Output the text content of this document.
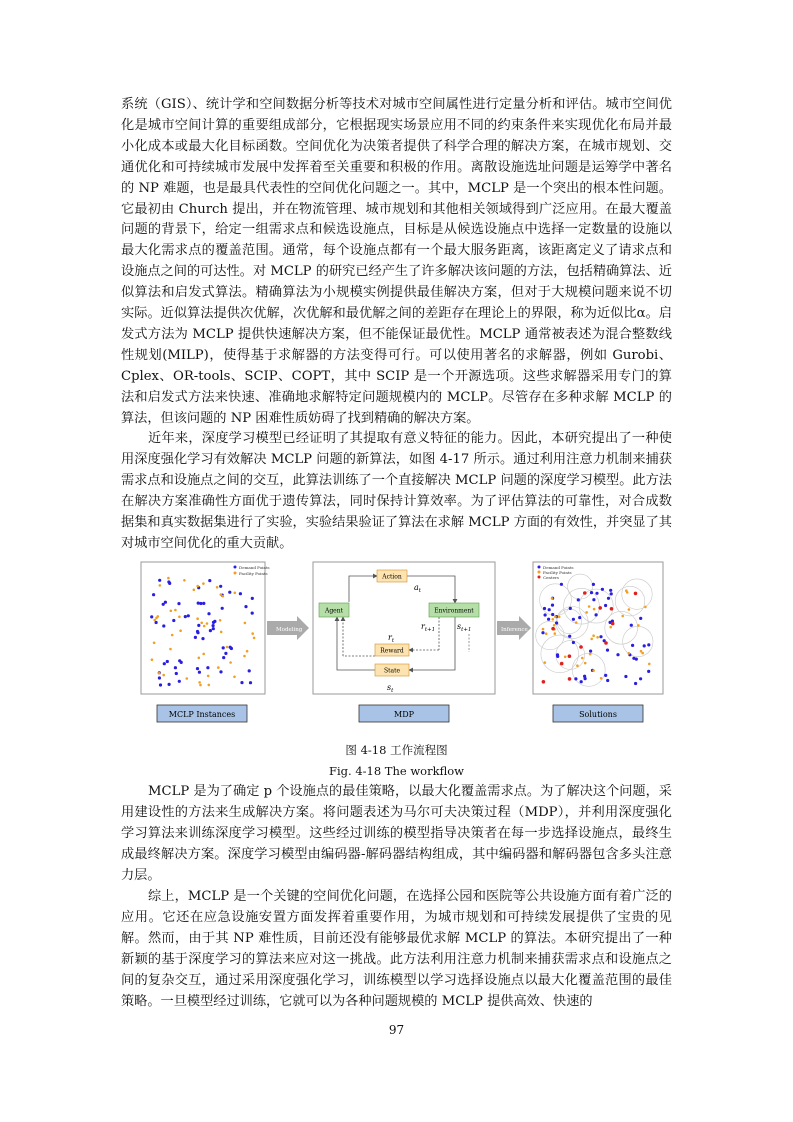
系统（GIS）、统计学和空间数据分析等技术对城市空间属性进行定量分析和评估。城市空间优化是城市空间计算的重要组成部分，它根据现实场景应用不同的约束条件来实现优化布局并最小化成本或最大化目标函数。空间优化为决策者提供了科学合理的解决方案，在城市规划、交通优化和可持续城市发展中发挥着至关重要和积极的作用。离散设施选址问题是运筹学中著名的 NP 难题，也是最具代表性的空间优化问题之一。其中，MCLP 是一个突出的根本性问题。它最初由 Church 提出，并在物流管理、城市规划和其他相关领域得到广泛应用。在最大覆盖问题的背景下，给定一组需求点和候选设施点，目标是从候选设施点中选择一定数量的设施以最大化需求点的覆盖范围。通常，每个设施点都有一个最大服务距离，该距离定义了请求点和设施点之间的可达性。对 MCLP 的研究已经产生了许多解决该问题的方法，包括精确算法、近似算法和启发式算法。精确算法为小规模实例提供最佳解决方案，但对于大规模问题来说不切实际。近似算法提供次优解，次优解和最优解之间的差距存在理论上的界限，称为近似比α。启发式方法为 MCLP 提供快速解决方案，但不能保证最优性。MCLP 通常被表述为混合整数线性规划(MILP)，使得基于求解器的方法变得可行。可以使用著名的求解器，例如 Gurobi、Cplex、OR-tools、SCIP、COPT，其中 SCIP 是一个开源选项。这些求解器采用专门的算法和启发式方法来快速、准确地求解特定问题规模内的 MCLP。尽管存在多种求解 MCLP 的算法，但该问题的 NP 困难性质妨碍了找到精确的解决方案。

近年来，深度学习模型已经证明了其提取有意义特征的能力。因此，本研究提出了一种使用深度强化学习有效解决 MCLP 问题的新算法，如图 4-17 所示。通过利用注意力机制来捕获需求点和设施点之间的交互，此算法训练了一个直接解决 MCLP 问题的深度学习模型。此方法在解决方案准确性方面优于遗传算法，同时保持计算效率。为了评估算法的可靠性，对合成数据集和真实数据集进行了实验，实验结果验证了算法在求解 MCLP 方面的有效性，并突显了其对城市空间优化的重大贡献。

Demand Points
Facility Points
Modeling
Action
Agent	Environment
Reward
State
$a_t$
$r_{t+1}$	$s_{t+1}$
$r_t$
$s_t$
Inference
Demand Points
Facility Points
Centers
MCLP Instances	MDP	Solutions
图 4-18 工作流程图
Fig. 4-18 The workflow

MCLP 是为了确定 p 个设施点的最佳策略，以最大化覆盖需求点。为了解决这个问题，采用建设性的方法来生成解决方案。将问题表述为马尔可夫决策过程（MDP），并利用深度强化学习算法来训练深度学习模型。这些经过训练的模型指导决策者在每一步选择设施点，最终生成最终解决方案。深度学习模型由编码器-解码器结构组成，其中编码器和解码器包含多头注意力层。

综上，MCLP 是一个关键的空间优化问题，在选择公园和医院等公共设施方面有着广泛的应用。它还在应急设施安置方面发挥着重要作用，为城市规划和可持续发展提供了宝贵的见解。然而，由于其 NP 难性质，目前还没有能够最优求解 MCLP 的算法。本研究提出了一种新颖的基于深度学习的算法来应对这一挑战。此方法利用注意力机制来捕获需求点和设施点之间的复杂交互，通过采用深度强化学习，训练模型以学习选择设施点以最大化覆盖范围的最佳策略。一旦模型经过训练，它就可以为各种问题规模的 MCLP 提供高效、快速的

97
